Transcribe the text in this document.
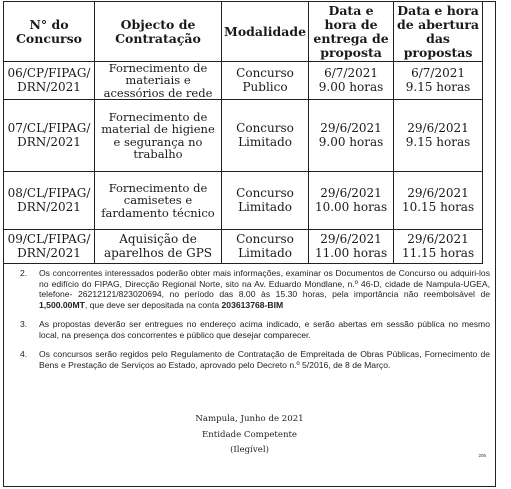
N° do Concurso	Objecto de Contratação	Modalidade	Data e hora de entrega de proposta	Data e hora de abertura das propostas
06/CP/FIPAG/ DRN/2021	Fornecimento de materiais e acessórios de rede	Concurso Publico	6/7/2021 9.00 horas	6/7/2021 9.15 horas
07/CL/FIPAG/ DRN/2021	Fornecimento de material de higiene e segurança no trabalho	Concurso Limitado	29/6/2021 9.00 horas	29/6/2021 9.15 horas
08/CL/FIPAG/ DRN/2021	Fornecimento de camisetes e fardamento técnico	Concurso Limitado	29/6/2021 10.00 horas	29/6/2021 10.15 horas
09/CL/FIPAG/ DRN/2021	Aquisição de aparelhos de GPS	Concurso Limitado	29/6/2021 11.00 horas	29/6/2021 11.15 horas
2.	Os concorrentes interessados poderão obter mais informações, examinar os Documentos de Concurso ou adquiri-los no edifício do FIPAG, Direcção Regional Norte, sito na Av. Eduardo Mondlane, n.º 46-D, cidade de Nampula-UGEA, telefone- 26212121/823020694, no período das 8.00 às 15.30 horas, pela importância não reembolsável de 1,500.00MT, que deve ser depositada na conta 203613768-BIM
3.	As propostas deverão ser entregues no endereço acima indicado, e serão abertas em sessão pública no mesmo local, na presença dos concorrentes e público que desejar comparecer.
4.	Os concursos serão regidos pelo Regulamento de Contratação de Empreitada de Obras Públicas, Fornecimento de Bens e Prestação de Serviços ao Estado, aprovado pelo Decreto n.º 5/2016, de 8 de Março.
Nampula, Junho de 2021
Entidade Competente
(Ilegível)
206
